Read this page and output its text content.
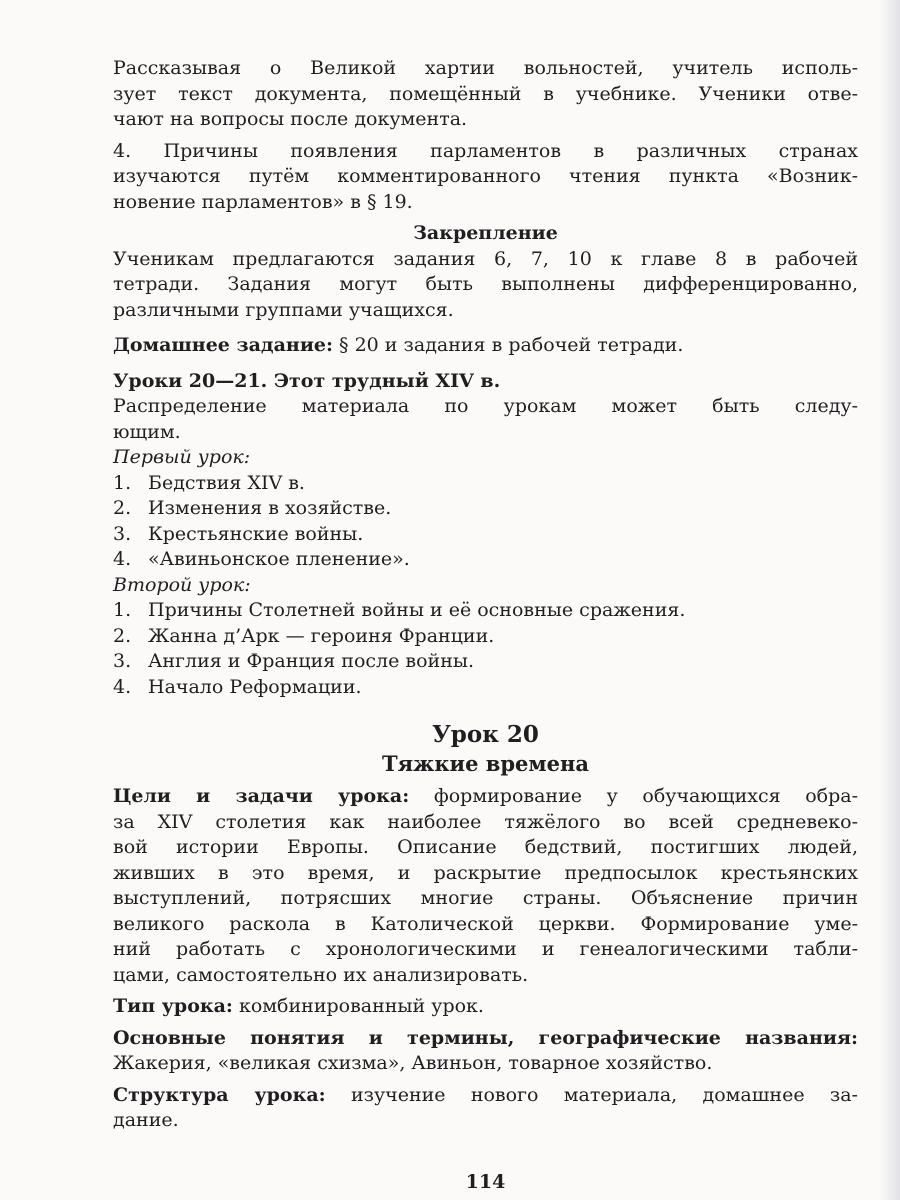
Рассказывая о Великой хартии вольностей, учитель исполь-
зует текст документа, помещённый в учебнике. Ученики отве-
чают на вопросы после документа.
4. Причины появления парламентов в различных странах
изучаются путём комментированного чтения пункта «Возник-
новение парламентов» в § 19.
Закрепление
Ученикам предлагаются задания 6, 7, 10 к главе 8 в рабочей
тетради. Задания могут быть выполнены дифференцированно,
различными группами учащихся.
Домашнее задание: § 20 и задания в рабочей тетради.
Уроки 20—21. Этот трудный XIV в.
Распределение материала по урокам может быть следу-
ющим.
Первый урок:
1. Бедствия XIV в.
2. Изменения в хозяйстве.
3. Крестьянские войны.
4. «Авиньонское пленение».
Второй урок:
1. Причины Столетней войны и её основные сражения.
2. Жанна д’Арк — героиня Франции.
3. Англия и Франция после войны.
4. Начало Реформации.
Урок 20
Тяжкие времена
Цели и задачи урока: формирование у обучающихся обра-
за XIV столетия как наиболее тяжёлого во всей средневеко-
вой истории Европы. Описание бедствий, постигших людей,
живших в это время, и раскрытие предпосылок крестьянских
выступлений, потрясших многие страны. Объяснение причин
великого раскола в Католической церкви. Формирование уме-
ний работать с хронологическими и генеалогическими табли-
цами, самостоятельно их анализировать.
Тип урока: комбинированный урок.
Основные понятия и термины, географические названия:
Жакерия, «великая схизма», Авиньон, товарное хозяйство.
Структура урока: изучение нового материала, домашнее за-
дание.
114
